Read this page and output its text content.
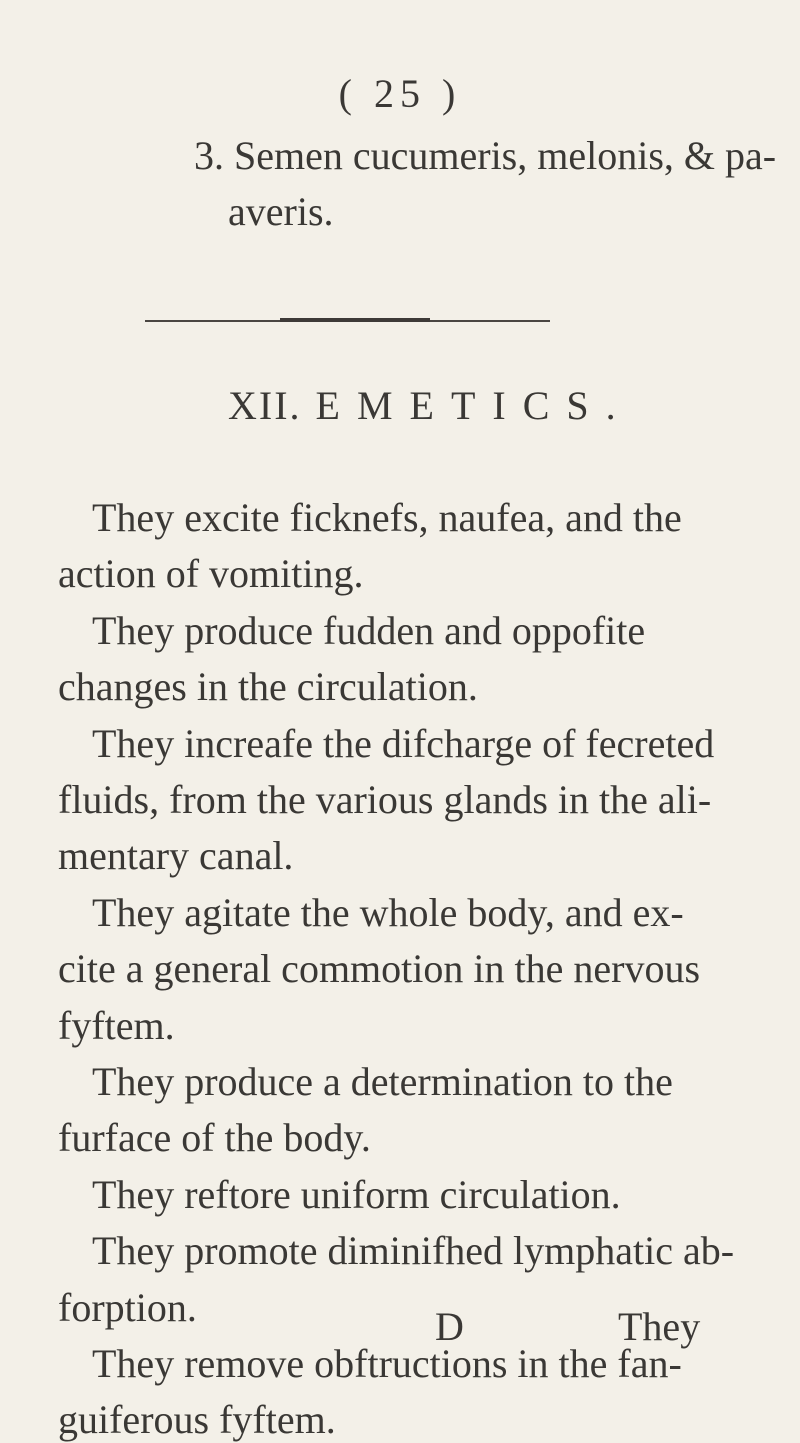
( 25 )
3. Semen cucumeris, melonis, & pa-
averis.
XII. EMETICS.
They excite ficknefs, naufea, and the
action of vomiting.
They produce fudden and oppofite
changes in the circulation.
They increafe the difcharge of fecreted
fluids, from the various glands in the ali-
mentary canal.
They agitate the whole body, and ex-
cite a general commotion in the nervous
fyftem.
They produce a determination to the
furface of the body.
They reftore uniform circulation.
They promote diminifhed lymphatic ab-
forption.
They remove obftructions in the fan-
guiferous fyftem.
D	They
